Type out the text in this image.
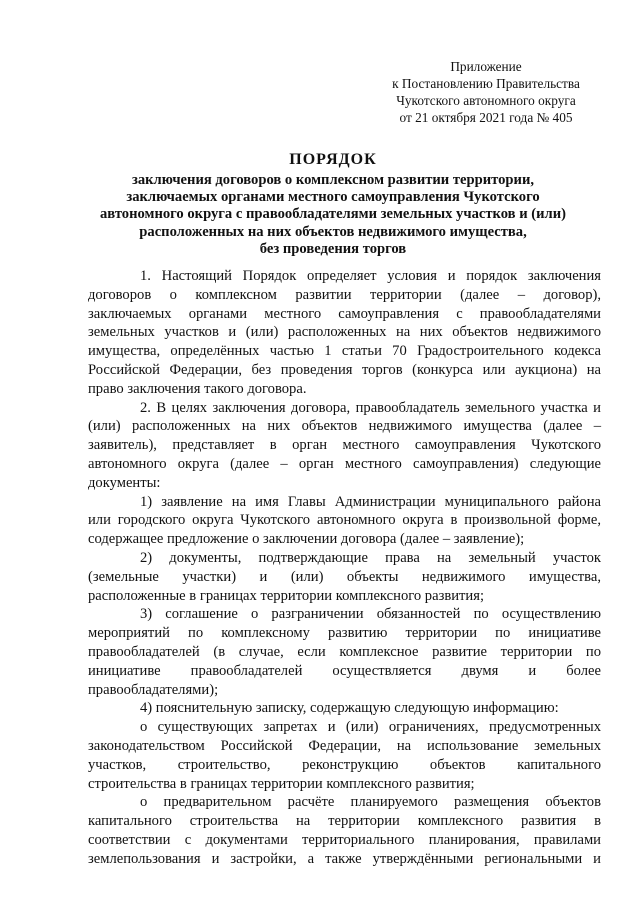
Приложение
к Постановлению Правительства
Чукотского автономного округа
от 21 октября 2021 года № 405
ПОРЯДОК
заключения договоров о комплексном развитии территории,
заключаемых органами местного самоуправления Чукотского
автономного округа с правообладателями земельных участков и (или)
расположенных на них объектов недвижимого имущества,
без проведения торгов

1. Настоящий Порядок определяет условия и порядок заключения
договоров о комплексном развитии территории (далее – договор),
заключаемых органами местного самоуправления с правообладателями
земельных участков и (или) расположенных на них объектов недвижимого
имущества, определённых частью 1 статьи 70 Градостроительного кодекса
Российской Федерации, без проведения торгов (конкурса или аукциона) на
право заключения такого договора.

2. В целях заключения договора, правообладатель земельного участка и
(или) расположенных на них объектов недвижимого имущества (далее –
заявитель), представляет в орган местного самоуправления Чукотского
автономного округа (далее – орган местного самоуправления) следующие
документы:

1) заявление на имя Главы Администрации муниципального района
или городского округа Чукотского автономного округа в произвольной форме,
содержащее предложение о заключении договора (далее – заявление);

2) документы, подтверждающие права на земельный участок
(земельные участки) и (или) объекты недвижимого имущества,
расположенные в границах территории комплексного развития;

3) соглашение о разграничении обязанностей по осуществлению
мероприятий по комплексному развитию территории по инициативе
правообладателей (в случае, если комплексное развитие территории по
инициативе правообладателей осуществляется двумя и более
правообладателями);

4) пояснительную записку, содержащую следующую информацию:

о существующих запретах и (или) ограничениях, предусмотренных
законодательством Российской Федерации, на использование земельных
участков, строительство, реконструкцию объектов капитального
строительства в границах территории комплексного развития;

о предварительном расчёте планируемого размещения объектов
капитального строительства на территории комплексного развития в
соответствии с документами территориального планирования, правилами
землепользования и застройки, а также утверждёнными региональными и
